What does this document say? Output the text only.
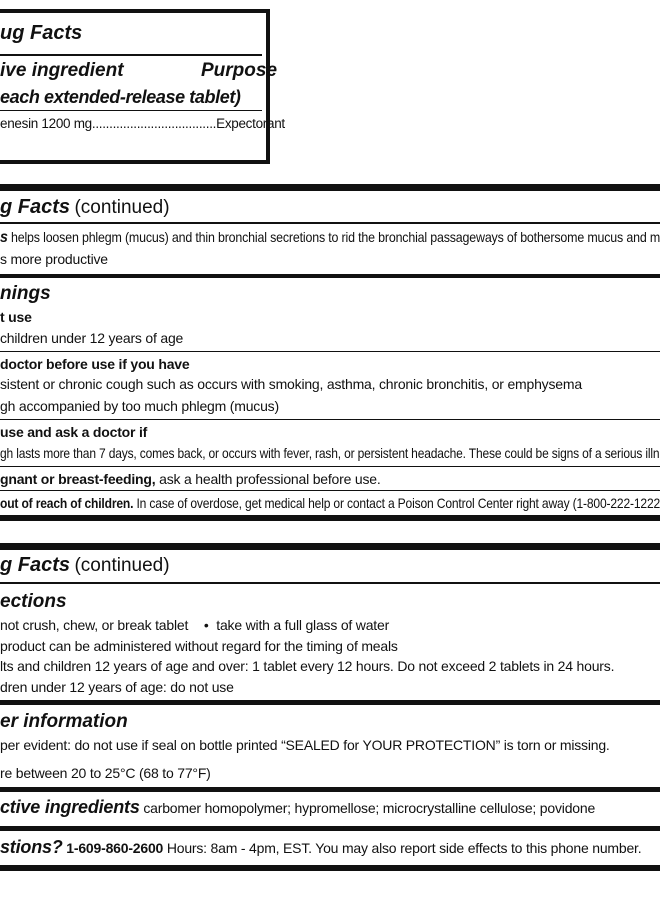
ug Facts
ive ingredient	Purpose
each extended-release tablet)
enesin 1200 mg....................................Expectorant
g Facts (continued)
s helps loosen phlegm (mucus) and thin bronchial secretions to rid the bronchial passageways of bothersome mucus and m
s more productive
nings
t use
children under 12 years of age
doctor before use if you have
sistent or chronic cough such as occurs with smoking, asthma, chronic bronchitis, or emphysema
gh accompanied by too much phlegm (mucus)
use and ask a doctor if
gh lasts more than 7 days, comes back, or occurs with fever, rash, or persistent headache. These could be signs of a serious illn
gnant or breast-feeding, ask a health professional before use.
out of reach of children. In case of overdose, get medical help or contact a Poison Control Center right away (1-800-222-1222
g Facts (continued)
ections
not crush, chew, or break tablet • take with a full glass of water
product can be administered without regard for the timing of meals
lts and children 12 years of age and over: 1 tablet every 12 hours. Do not exceed 2 tablets in 24 hours.
dren under 12 years of age: do not use
er information
per evident: do not use if seal on bottle printed “SEALED for YOUR PROTECTION” is torn or missing.
re between 20 to 25°C (68 to 77°F)
ctive ingredients carbomer homopolymer; hypromellose; microcrystalline cellulose; povidone
stions? 1-609-860-2600 Hours: 8am - 4pm, EST. You may also report side effects to this phone number.
